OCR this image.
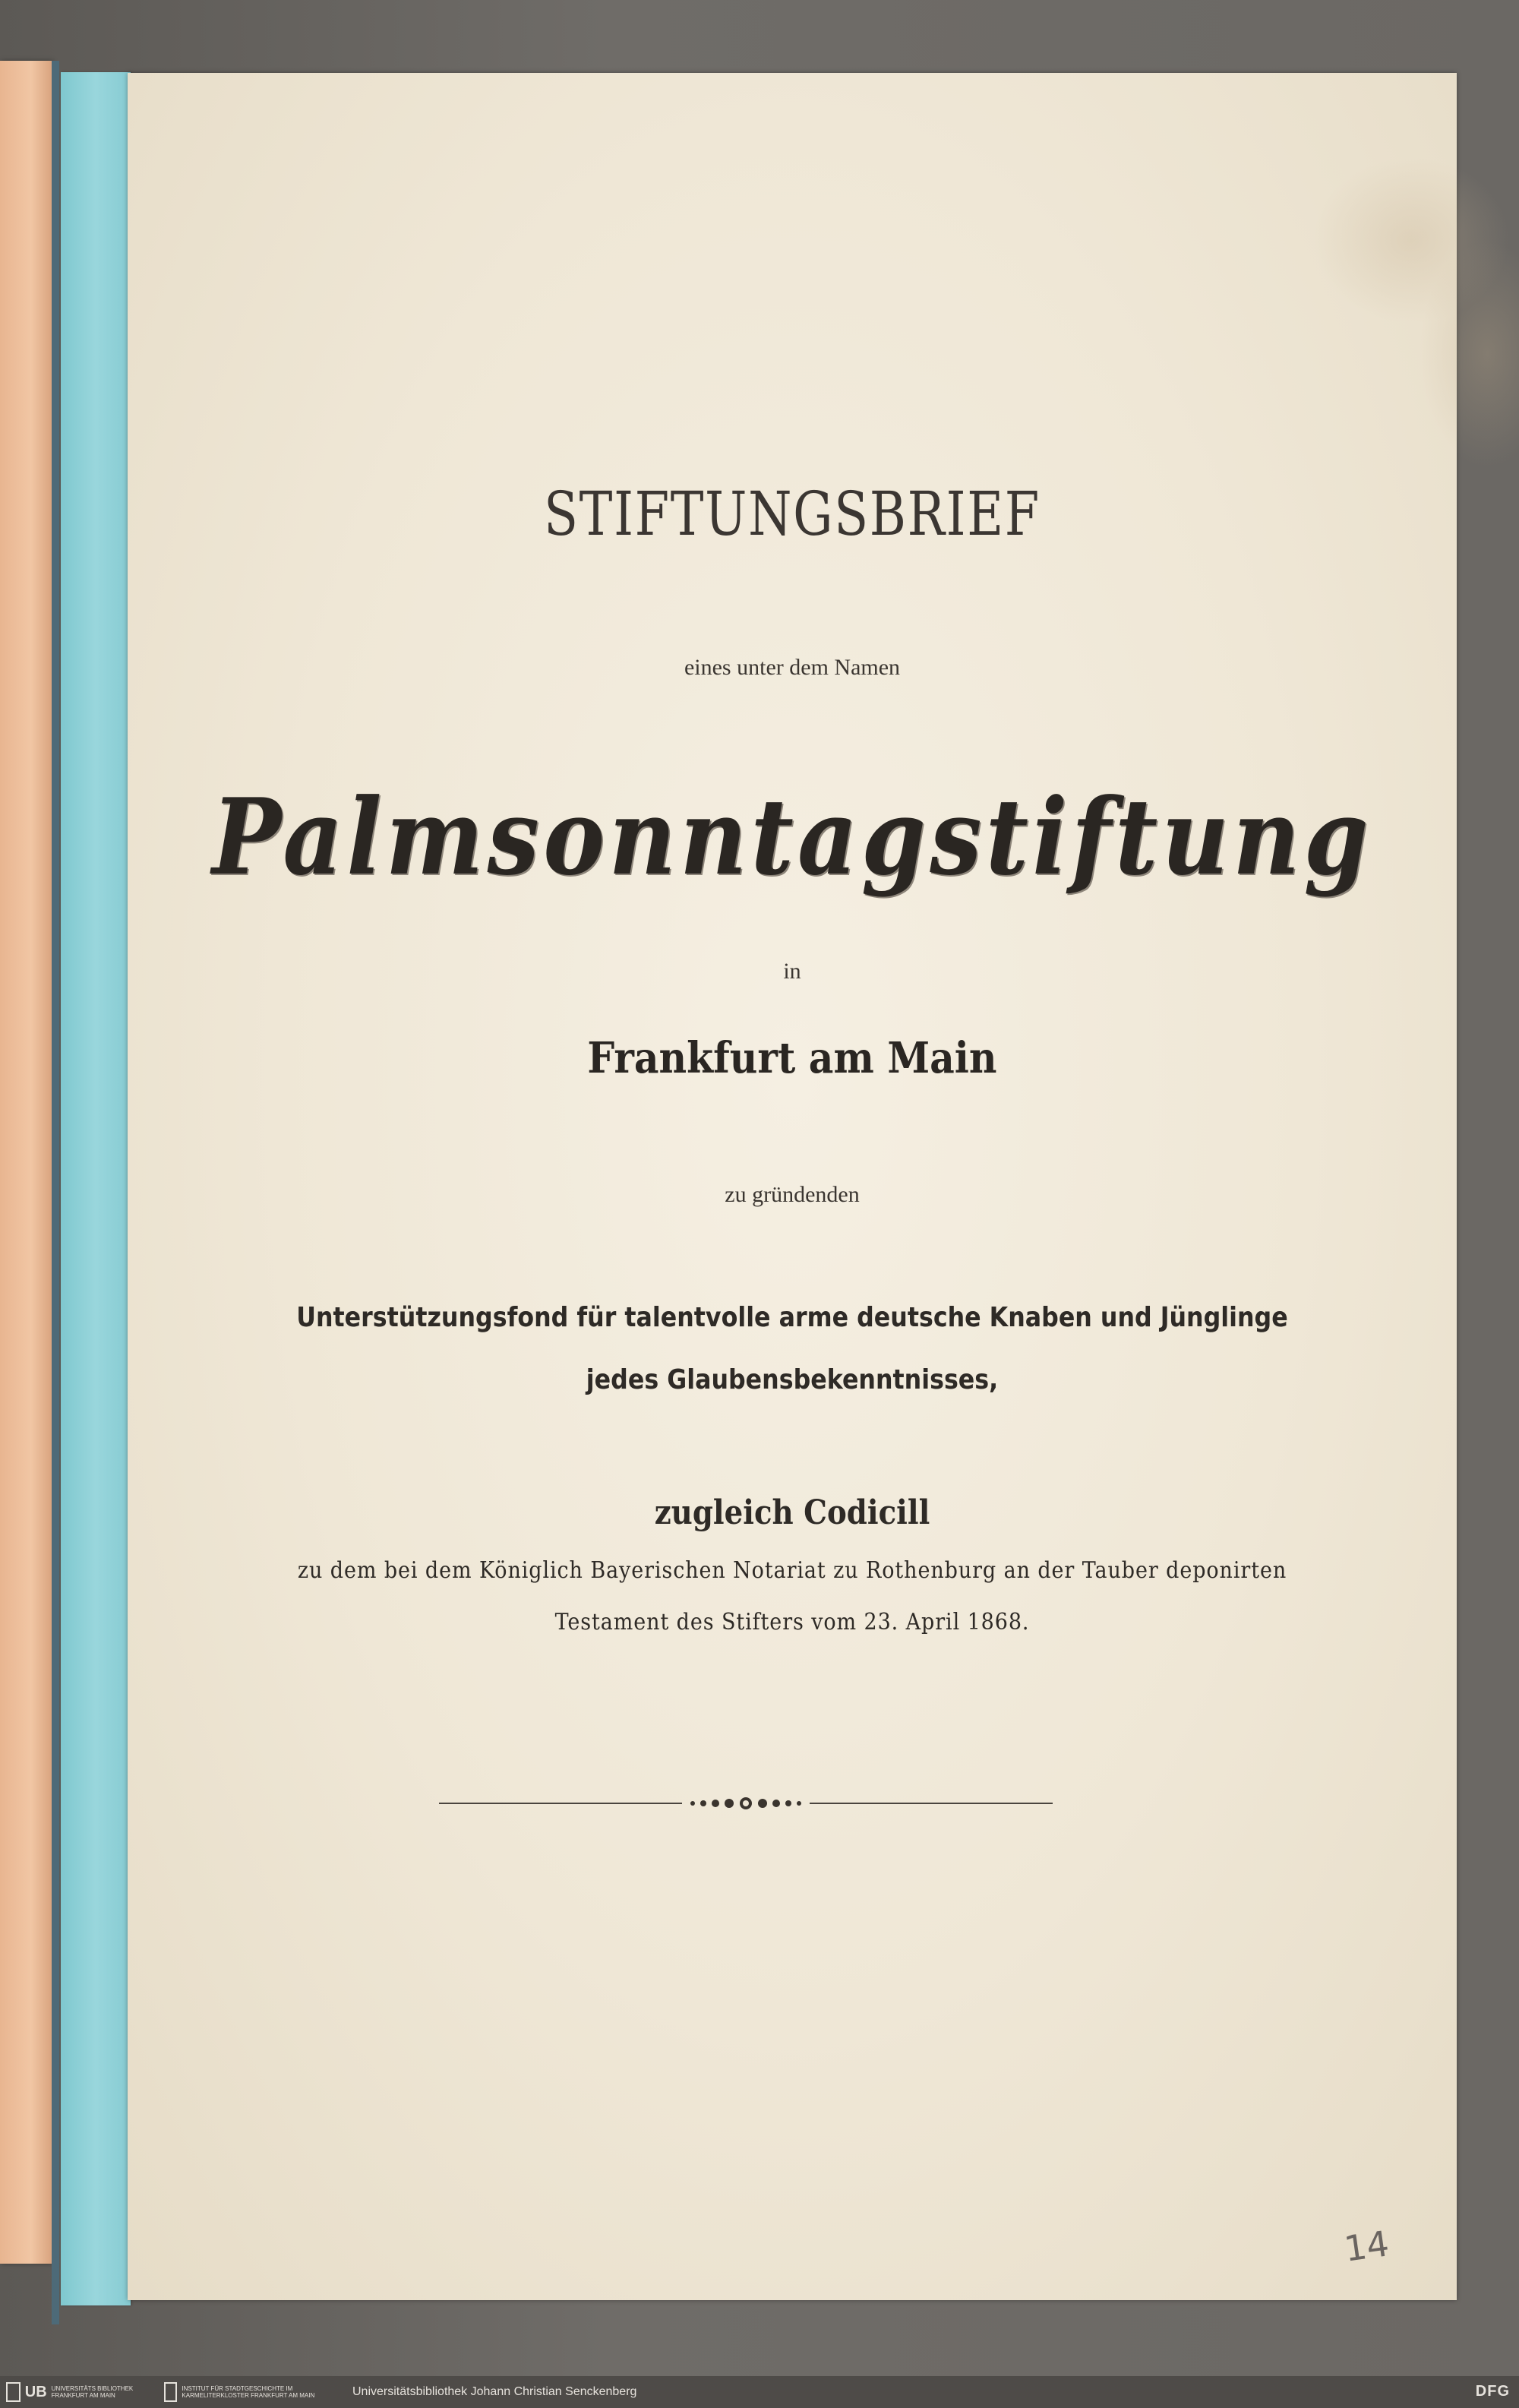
STIFTUNGSBRIEF
eines unter dem Namen
Palmsonntagstiftung
in
Frankfurt am Main
zu gründenden
Unterstützungsfond für talentvolle arme deutsche Knaben und Jünglinge
jedes Glaubensbekenntnisses,
zugleich Codicill
zu dem bei dem Königlich Bayerischen Notariat zu Rothenburg an der Tauber deponirten
Testament des Stifters vom 23. April 1868.
14
UB UNIVERSITÄTS BIBLIOTHEK FRANKFURT AM MAIN
INSTITUT FÜR STADTGESCHICHTE IM KARMELITERKLOSTER FRANKFURT AM MAIN	Universitätsbibliothek Johann Christian Senckenberg	DFG
